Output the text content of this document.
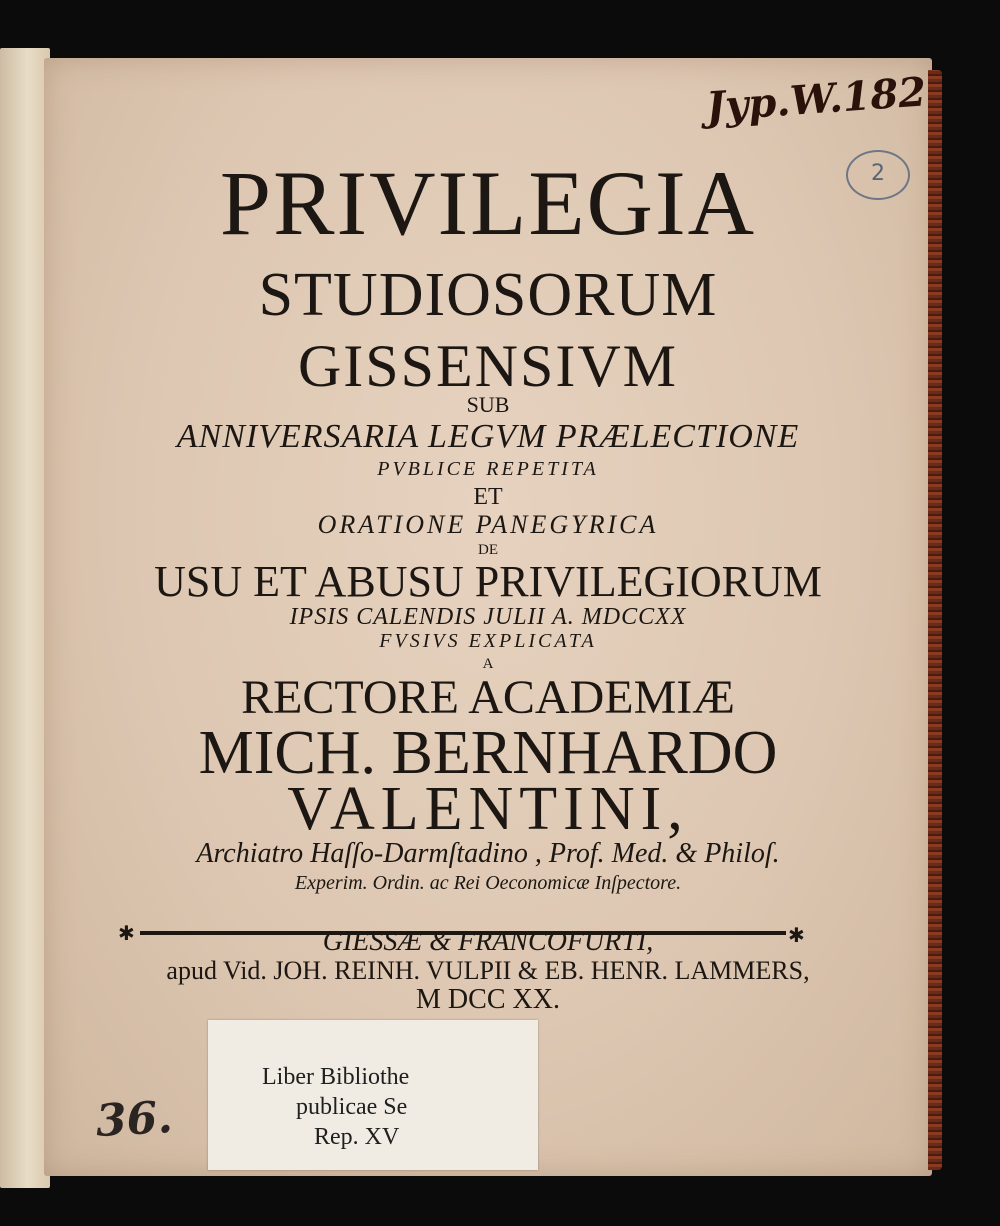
Jyp.W.182
2

PRIVILEGIA

STUDIOSORUM

GISSENSIVM

SUB

ANNIVERSARIA LEGVM PRÆLECTIONE

PVBLICE REPETITA

ET

ORATIONE PANEGYRICA

DE

USU ET ABUSU PRIVILEGIORUM

IPSIS CALENDIS JULII A. MDCCXX

FVSIVS EXPLICATA

A

RECTORE ACADEMIÆ

MICH. BERNHARDO

VALENTINI,

Archiatro Haſſo-Darmſtadino , Prof. Med. & Philoſ.

Experim. Ordin. ac Rei Oeconomicæ Inſpectore.

✱	✱

GIESSÆ & FRANCOFURTI,

apud Vid. JOH. REINH. VULPII & EB. HENR. LAMMERS,

M DCC XX.

Liber Bibliothe

publicae Se

Rep. XV

36.
